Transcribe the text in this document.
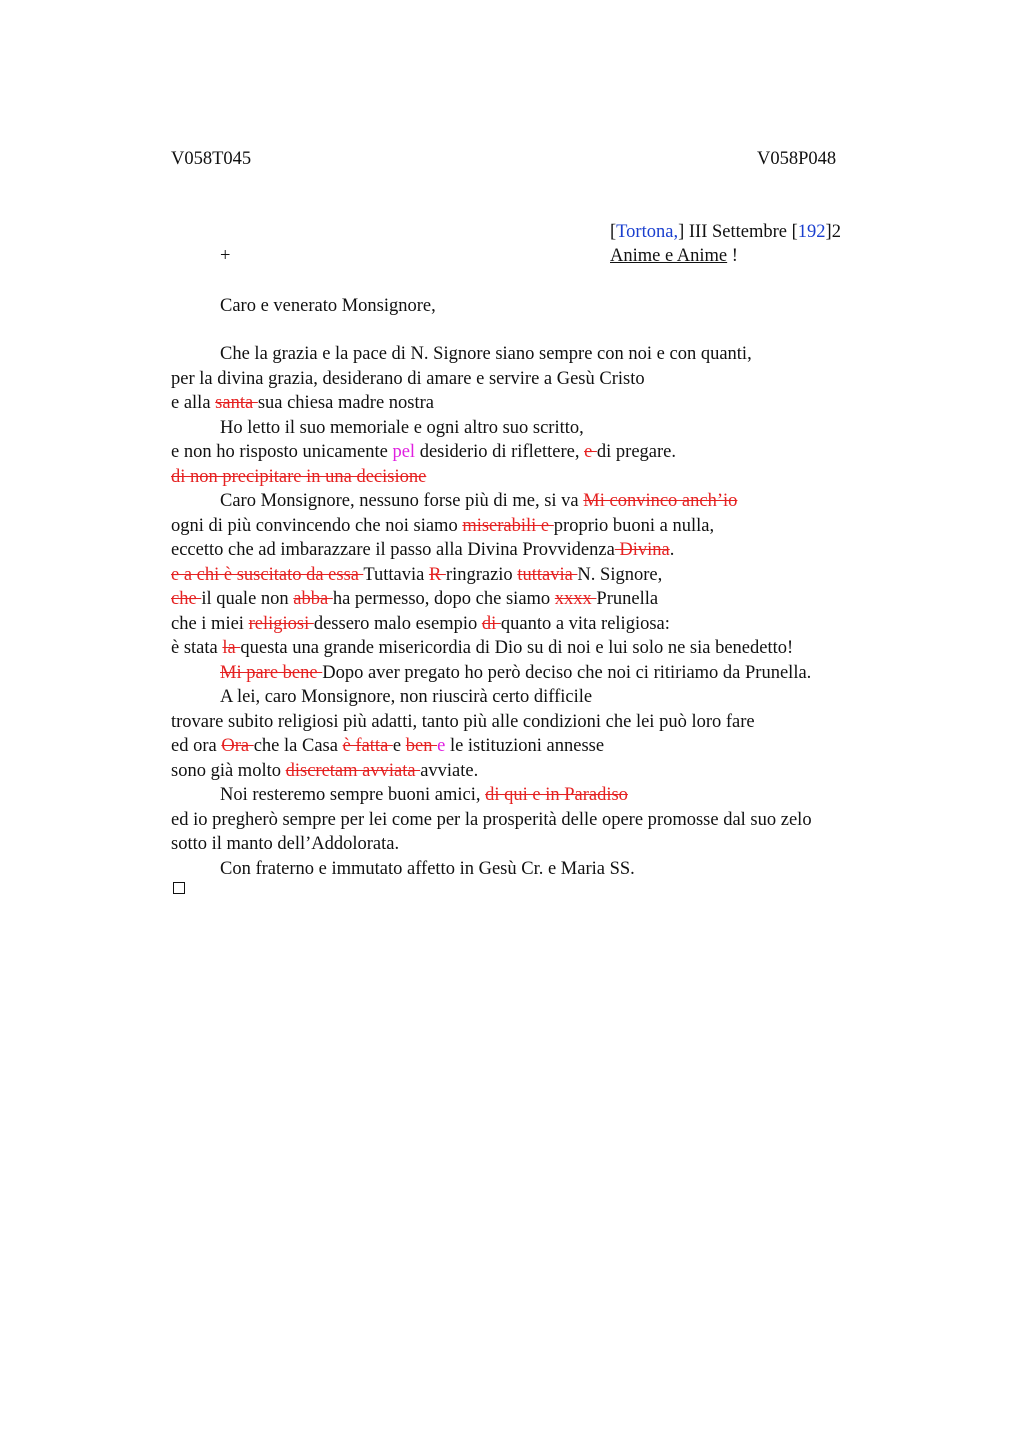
V058T045	V058P048
[Tortona,] III Settembre [192]2
+	Anime e Anime !
Caro e venerato Monsignore,
Che la grazia e la pace di N. Signore siano sempre con noi e con quanti,
per la divina grazia, desiderano di amare e servire a Gesù Cristo
e alla santa sua chiesa madre nostra
Ho letto il suo memoriale e ogni altro suo scritto,
e non ho risposto unicamente pel desiderio di riflettere, e di pregare.
di non precipitare in una decisione
Caro Monsignore, nessuno forse più di me, si va Mi convinco anch’io
ogni di più convincendo che noi siamo miserabili e proprio buoni a nulla,
eccetto che ad imbarazzare il passo alla Divina Provvidenza Divina.
e a chi è suscitato da essa Tuttavia R ringrazio tuttavia N. Signore,
che il quale non abba ha permesso, dopo che siamo xxxx Prunella
che i miei religiosi dessero malo esempio di quanto a vita religiosa:
è stata la questa una grande misericordia di Dio su di noi e lui solo ne sia benedetto!
Mi pare bene Dopo aver pregato ho però deciso che noi ci ritiriamo da Prunella.
A lei, caro Monsignore, non riuscirà certo difficile
trovare subito religiosi più adatti, tanto più alle condizioni che lei può loro fare
ed ora Ora che la Casa è fatta e ben e le istituzioni annesse
sono già molto discretam avviata avviate.
Noi resteremo sempre buoni amici, di qui e in Paradiso
ed io pregherò sempre per lei come per la prosperità delle opere promosse dal suo zelo
sotto il manto dell’Addolorata.
Con fraterno e immutato affetto in Gesù Cr. e Maria SS.
